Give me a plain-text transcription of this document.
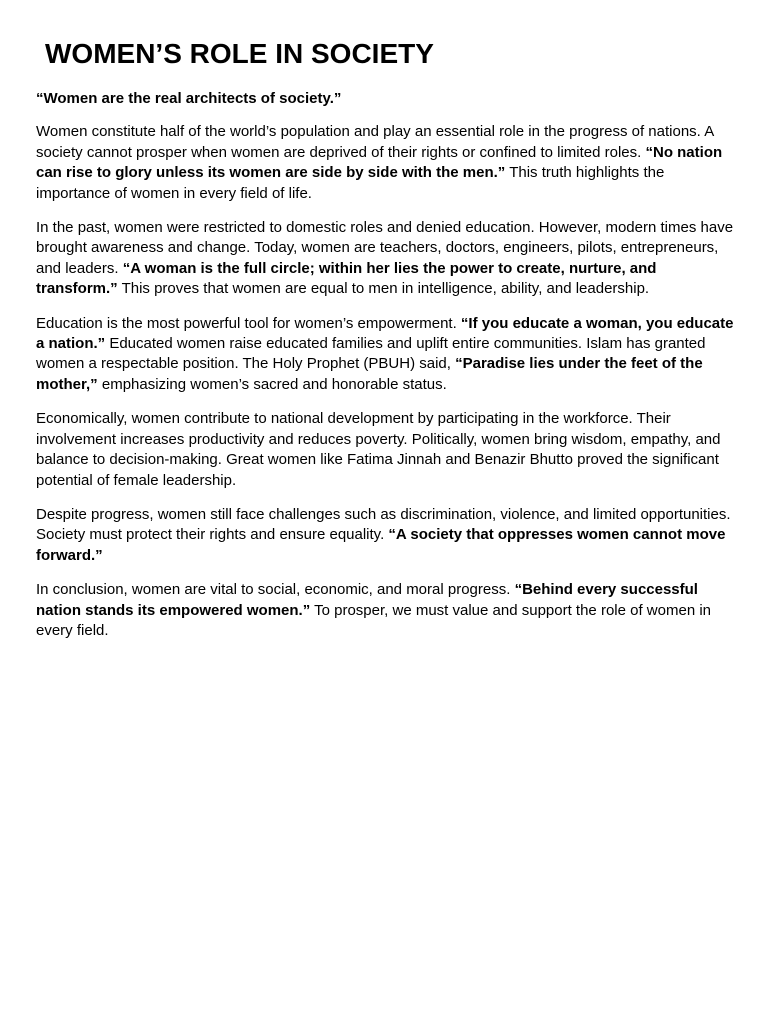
WOMEN’S ROLE IN SOCIETY

“Women are the real architects of society.”

Women constitute half of the world’s population and play an essential role in the progress of nations. A society cannot prosper when women are deprived of their rights or confined to limited roles. “No nation can rise to glory unless its women are side by side with the men.” This truth highlights the importance of women in every field of life.

In the past, women were restricted to domestic roles and denied education. However, modern times have brought awareness and change. Today, women are teachers, doctors, engineers, pilots, entrepreneurs, and leaders. “A woman is the full circle; within her lies the power to create, nurture, and transform.” This proves that women are equal to men in intelligence, ability, and leadership.

Education is the most powerful tool for women’s empowerment. “If you educate a woman, you educate a nation.” Educated women raise educated families and uplift entire communities. Islam has granted women a respectable position. The Holy Prophet (PBUH) said, “Paradise lies under the feet of the mother,” emphasizing women’s sacred and honorable status.

Economically, women contribute to national development by participating in the workforce. Their involvement increases productivity and reduces poverty. Politically, women bring wisdom, empathy, and balance to decision-making. Great women like Fatima Jinnah and Benazir Bhutto proved the significant potential of female leadership.

Despite progress, women still face challenges such as discrimination, violence, and limited opportunities. Society must protect their rights and ensure equality. “A society that oppresses women cannot move forward.”

In conclusion, women are vital to social, economic, and moral progress. “Behind every successful nation stands its empowered women.” To prosper, we must value and support the role of women in every field.
